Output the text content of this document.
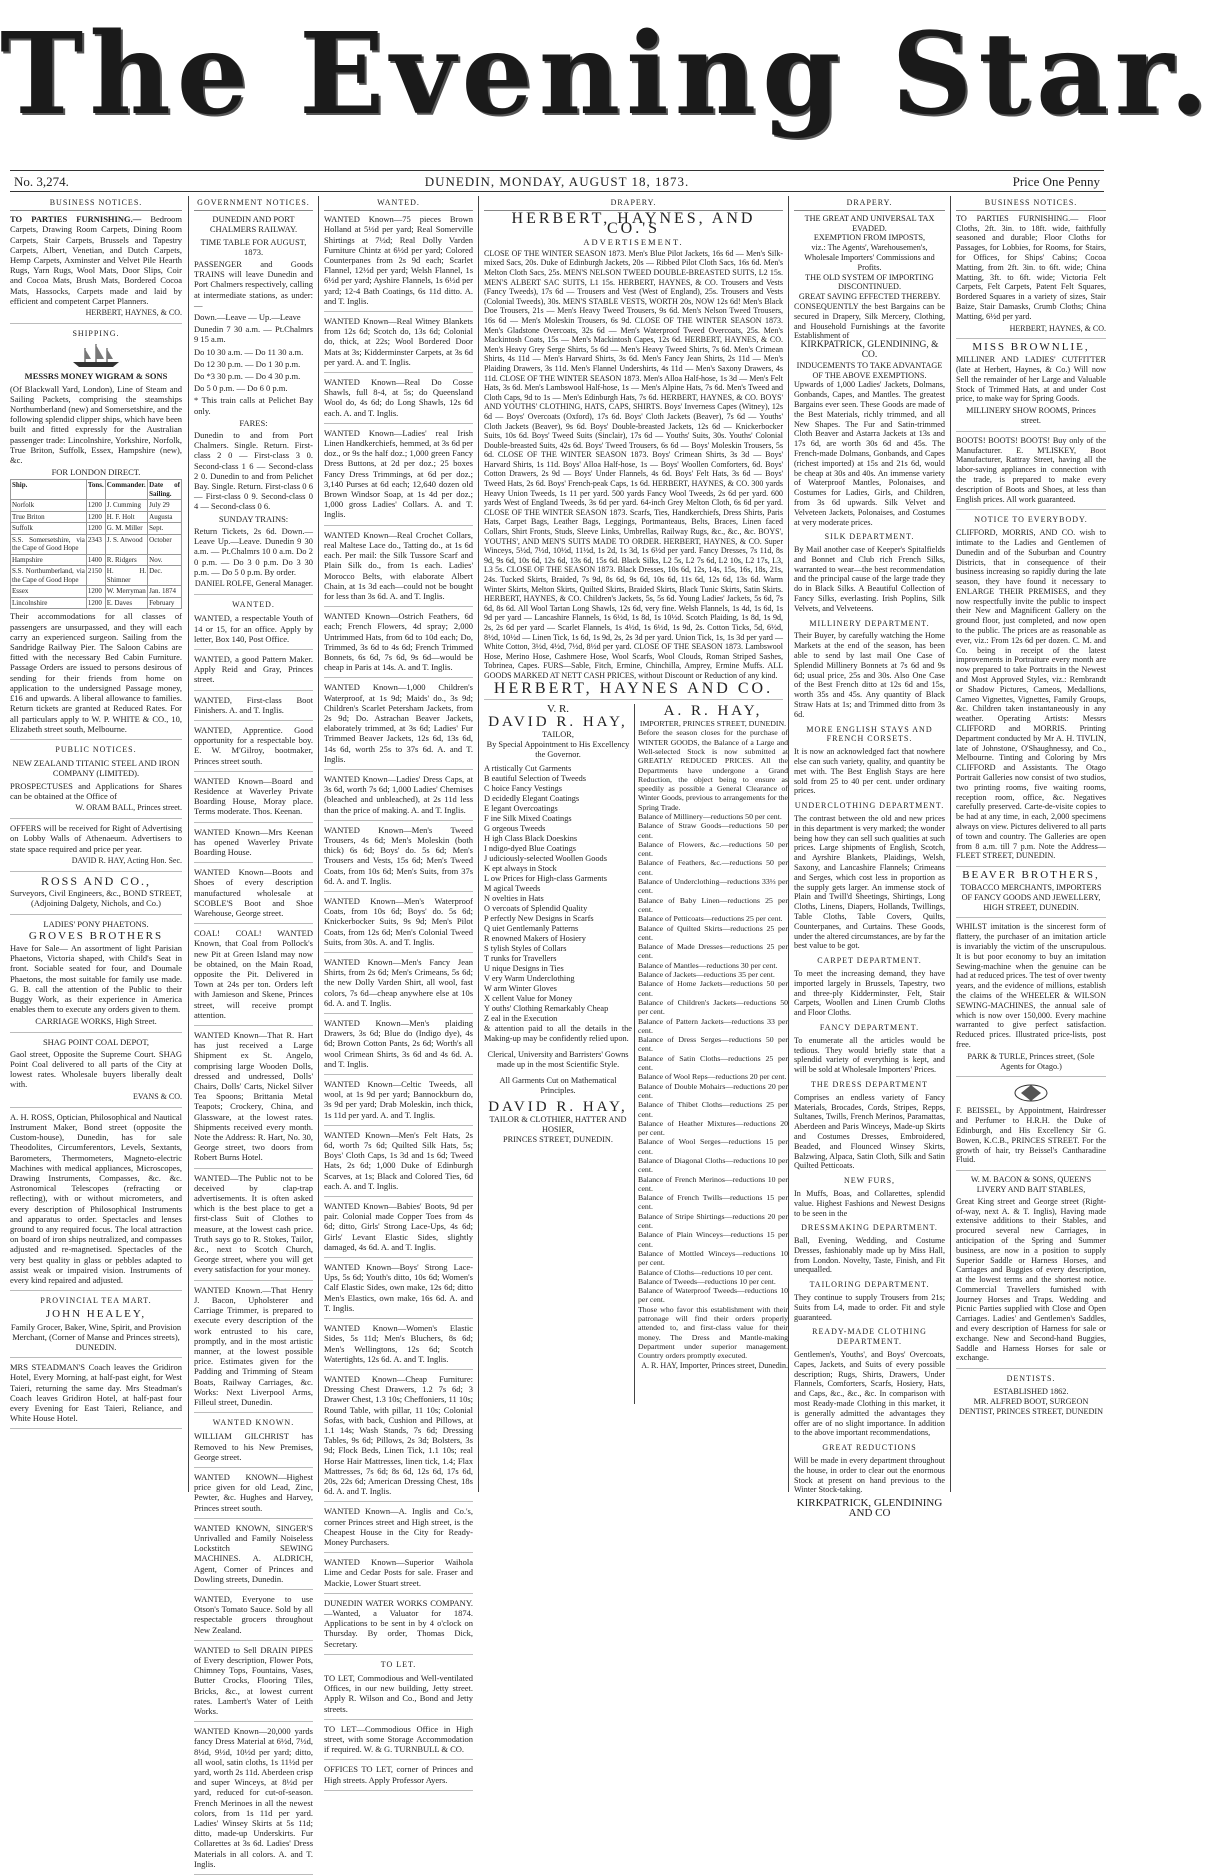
The Evening Star.
No. 3,274.	DUNEDIN, MONDAY, AUGUST 18, 1873.	Price One Penny
BUSINESS NOTICES.

TO PARTIES FURNISHING.— Bedroom Carpets, Drawing Room Carpets, Dining Room Carpets, Stair Carpets, Brussels and Tapestry Carpets, Albert, Venetian, and Dutch Carpets, Hemp Carpets, Axminster and Velvet Pile Hearth Rugs, Yarn Rugs, Wool Mats, Door Slips, Coir and Cocoa Mats, Brush Mats, Bordered Cocoa Mats, Hassocks, Carpets made and laid by efficient and competent Carpet Planners.

HERBERT, HAYNES, & CO.

SHIPPING.

MESSRS MONEY WIGRAM & SONS

(Of Blackwall Yard, London), Line of Steam and Sailing Packets, comprising the steamships Northumberland (new) and Somersetshire, and the following splendid clipper ships, which have been built and fitted expressly for the Australian passenger trade: Lincolnshire, Yorkshire, Norfolk, True Briton, Suffolk, Essex, Hampshire (new), &c.

FOR LONDON DIRECT.

Ship.	Tons.	Commander.	Date of Sailing.
Norfolk	1200	J. Cumming	July 29
True Briton	1200	H. F. Holt	Augusta
Suffolk	1200	G. M. Miller	Sept.
S.S. Somersetshire, via the Cape of Good Hope	2343	J. S. Atwood	October
Hampshire	1400	R. Ridgers	Nov.
S.S. Northumberland, via the Cape of Good Hope	2150	H. H. Shimner	Dec.
Essex	1200	W. Merryman	Jan. 1874
Lincolnshire	1200	E. Daves	February

Their accommodations for all classes of passengers are unsurpassed, and they will each carry an experienced surgeon. Sailing from the Sandridge Railway Pier. The Saloon Cabins are fitted with the necessary Bed Cabin Furniture. Passage Orders are issued to persons desirous of sending for their friends from home on application to the undersigned Passage money, £16 and upwards. A liberal allowance to families. Return tickets are granted at Reduced Rates. For all particulars apply to W. P. WHITE & CO., 10, Elizabeth street south, Melbourne.

PUBLIC NOTICES.

NEW ZEALAND TITANIC STEEL AND IRON COMPANY (LIMITED).

PROSPECTUSES and Applications for Shares can be obtained at the Office of

W. ORAM BALL, Princes street.

OFFERS will be received for Right of Advertising on Lobby Walls of Athenaeum. Advertisers to state space required and price per year.

DAVID R. HAY, Acting Hon. Sec.

ROSS AND CO.,

Surveyors, Civil Engineers, &c., BOND STREET, (Adjoining Dalgety, Nichols, and Co.)

LADIES' PONY PHAETONS.

GROVES BROTHERS

Have for Sale— An assortment of light Parisian Phaetons, Victoria shaped, with Child's Seat in front. Sociable seated for four, and Doumale Phaetons, the most suitable for family use made. G. B. call the attention of the Public to their Buggy Work, as their experience in America enables them to execute any orders given to them.

CARRIAGE WORKS, High Street.

SHAG POINT COAL DEPOT,

Gaol street, Opposite the Supreme Court. SHAG Point Coal delivered to all parts of the City at lowest rates. Wholesale buyers liberally dealt with.

EVANS & CO.

A. H. ROSS, Optician, Philosophical and Nautical Instrument Maker, Bond street (opposite the Custom-house), Dunedin, has for sale Theodolites, Circumferentors, Levels, Sextants, Barometers, Thermometers, Magneto-electric Machines with medical appliances, Microscopes, Drawing Instruments, Compasses, &c. &c. Astronomical Telescopes (refracting or reflecting), with or without micrometers, and every description of Philosophical Instruments and apparatus to order. Spectacles and lenses ground to any required focus. The local attraction on board of iron ships neutralized, and compasses adjusted and re-magnetised. Spectacles of the very best quality in glass or pebbles adapted to assist weak or impaired vision. Instruments of every kind repaired and adjusted.

PROVINCIAL TEA MART.

JOHN HEALEY,

Family Grocer, Baker, Wine, Spirit, and Provision Merchant, (Corner of Manse and Princes streets), DUNEDIN.

MRS STEADMAN'S Coach leaves the Gridiron Hotel, Every Morning, at half-past eight, for West Taieri, returning the same day. Mrs Steadman's Coach leaves Gridiron Hotel, at half-past four every Evening for East Taieri, Reliance, and White House Hotel.

GOVERNMENT NOTICES.

DUNEDIN AND PORT CHALMERS RAILWAY.

TIME TABLE FOR AUGUST, 1873.

PASSENGER and Goods TRAINS will leave Dunedin and Port Chalmers respectively, calling at intermediate stations, as under:—

Down.—Leave — Up.—Leave

Dunedin 7 30 a.m. — Pt.Chalmrs 9 15 a.m.

Do 10 30 a.m. — Do 11 30 a.m.

Do 12 30 p.m. — Do 1 30 p.m.

Do *3 30 p.m. — Do 4 30 p.m.

Do 5 0 p.m. — Do 6 0 p.m.

* This train calls at Pelichet Bay only.

FARES:

Dunedin to and from Port Chalmers. Single. Return. First-class 2 0 — First-class 3 0. Second-class 1 6 — Second-class 2 0. Dunedin to and from Pelichet Bay. Single. Return. First-class 0 6 — First-class 0 9. Second-class 0 4 — Second-class 0 6.

SUNDAY TRAINS:

Return Tickets, 2s 6d. Down.—Leave Up.—Leave. Dunedin 9 30 a.m. — Pt.Chalmrs 10 0 a.m. Do 2 0 p.m. — Do 3 0 p.m. Do 3 30 p.m. — Do 5 0 p.m. By order.

DANIEL ROLFE, General Manager.

WANTED.

WANTED, a respectable Youth of 14 or 15, for an office. Apply by letter, Box 140, Post Office.

WANTED, a good Pattern Maker. Apply Reid and Gray, Princes street.

WANTED, First-class Boot Finishers. A. and T. Inglis.

WANTED, Apprentice. Good opportunity for a respectable boy. E. W. M'Gilroy, bootmaker, Princes street south.

WANTED Known—Board and Residence at Waverley Private Boarding House, Moray place. Terms moderate. Thos. Keenan.

WANTED Known—Mrs Keenan has opened Waverley Private Boarding House.

WANTED Known—Boots and Shoes of every description manufactured wholesale at SCOBLE'S Boot and Shoe Warehouse, George street.

COAL! COAL! WANTED Known, that Coal from Pollock's new Pit at Green Island may now be obtained, on the Main Road, opposite the Pit. Delivered in Town at 24s per ton. Orders left with Jamieson and Skene, Princes street, will receive prompt attention.

WANTED Known—That R. Hart has just received a Large Shipment ex St. Angelo, comprising large Wooden Dolls, dressed and undressed, Dolls' Chairs, Dolls' Carts, Nickel Silver Tea Spoons; Brittania Metal Teapots; Crockery, China, and Glassware, at the lowest rates. Shipments received every month. Note the Address: R. Hart, No. 30, George street, two doors from Robert Burns Hotel.

WANTED—The Public not to be deceived by clap-trap advertisements. It is often asked which is the best place to get a first-class Suit of Clothes to measure, at the lowest cash price. Truth says go to R. Stokes, Tailor, &c., next to Scotch Church, George street, where you will get every satisfaction for your money.

WANTED Known.—That Henry J. Bacon, Upholsterer and Carriage Trimmer, is prepared to execute every description of the work entrusted to his care, promptly, and in the most artistic manner, at the lowest possible price. Estimates given for the Padding and Trimming of Steam Boats, Railway Carriages, &c. Works: Next Liverpool Arms, Filleul street, Dunedin.

WANTED KNOWN.

WILLIAM GILCHRIST has Removed to his New Premises, George street.

WANTED KNOWN—Highest price given for old Lead, Zinc, Pewter, &c. Hughes and Harvey, Princes street south.

WANTED KNOWN, SINGER'S Unrivalled and Family Noiseless Lockstitch SEWING MACHINES. A. ALDRICH, Agent, Corner of Princes and Dowling streets, Dunedin.

WANTED, Everyone to use Otson's Tomato Sauce. Sold by all respectable grocers throughout New Zealand.

WANTED to Sell DRAIN PIPES of Every description, Flower Pots, Chimney Tops, Fountains, Vases, Butter Crocks, Flooring Tiles, Bricks, &c., at lowest current rates. Lambert's Water of Leith Works.

WANTED Known—20,000 yards fancy Dress Material at 6½d, 7½d, 8½d, 9½d, 10½d per yard; ditto, all wool, satin cloths, 1s 11½d per yard, worth 2s 11d. Aberdeen crisp and super Winceys, at 8½d per yard, reduced for cut-of-season. French Merinoes in all the newest colors, from 1s 11d per yard. Ladies' Winsey Skirts at 5s 11d; ditto, made-up Underskirts. Fur Collarettes at 3s 6d. Ladies' Dress Materials in all colors. A. and T. Inglis.

WANTED.

WANTED Known—75 pieces Brown Holland at 5½d per yard; Real Somerville Shirtings at 7½d; Real Dolly Varden Furniture Chintz at 6½d per yard; Colored Counterpanes from 2s 9d each; Scarlet Flannel, 12½d per yard; Welsh Flannel, 1s 6½d per yard; Ayshire Flannels, 1s 6½d per yard; 12-4 Bath Coatings, 6s 11d ditto. A. and T. Inglis.

WANTED Known—Real Witney Blankets from 12s 6d; Scotch do, 13s 6d; Colonial do, thick, at 22s; Wool Bordered Door Mats at 3s; Kidderminster Carpets, at 3s 6d per yard. A. and T. Inglis.

WANTED Known—Real Do Cosse Shawls, full 8-4, at 5s; do Queensland Wool do, 4s 6d; do Long Shawls, 12s 6d each. A. and T. Inglis.

WANTED Known—Ladies' real Irish Linen Handkerchiefs, hemmed, at 3s 6d per doz., or 9s the half doz.; 1,000 green Fancy Dress Buttons, at 2d per doz.; 25 boxes Fancy Dress Trimmings, at 6d per doz.; 3,140 Purses at 6d each; 12,640 dozen old Brown Windsor Soap, at 1s 4d per doz.; 1,000 gross Ladies' Collars. A. and T. Inglis.

WANTED Known—Real Crochet Collars, real Maltese Lace do., Tatting do., at 1s 6d each. Per mail: the Silk Tussore Scarf and Plain Silk do., from 1s each. Ladies' Morocco Belts, with elaborate Albert Chain, at 1s 3d each—could not be bought for less than 3s 6d. A. and T. Inglis.

WANTED Known—Ostrich Feathers, 6d each; French Flowers, 4d spray; 2,000 Untrimmed Hats, from 6d to 10d each; Do, Trimmed, 3s 6d to 4s 6d; French Trimmed Bonnets, 6s 6d, 7s 6d, 9s 6d—would be cheap in Paris at 14s. A. and T. Inglis.

WANTED Known—1,000 Children's Waterproof, at 1s 9d; Maids' do., 3s 9d; Children's Scarlet Petersham Jackets, from 2s 9d; Do. Astrachan Beaver Jackets, elaborately trimmed, at 3s 6d; Ladies' Fur Trimmed Beaver Jackets, 12s 6d, 13s 6d, 14s 6d, worth 25s to 37s 6d. A. and T. Inglis.

WANTED Known—Ladies' Dress Caps, at 3s 6d, worth 7s 6d; 1,000 Ladies' Chemises (bleached and unbleached), at 2s 11d less than the price of making. A. and T. Inglis.

WANTED Known—Men's Tweed Trousers, 4s 6d; Men's Moleskin (both thick) 6s 6d; Boys' do. 5s 6d; Men's Trousers and Vests, 15s 6d; Men's Tweed Coats, from 10s 6d; Men's Suits, from 37s 6d. A. and T. Inglis.

WANTED Known—Men's Waterproof Coats, from 10s 6d; Boys' do. 5s 6d; Knickerbocker Suits, 9s 9d; Men's Pilot Coats, from 12s 6d; Men's Colonial Tweed Suits, from 30s. A. and T. Inglis.

WANTED Known—Men's Fancy Jean Shirts, from 2s 6d; Men's Crimeans, 5s 6d; the new Dolly Varden Shirt, all wool, fast colors, 7s 6d—cheap anywhere else at 10s 6d. A. and T. Inglis.

WANTED Known—Men's plaiding Drawers, 3s 6d; Blue do (Indigo dye), 4s 6d; Brown Cotton Pants, 2s 6d; Worth's all wool Crimean Shirts, 3s 6d and 4s 6d. A. and T. Inglis.

WANTED Known—Celtic Tweeds, all wool, at 1s 9d per yard; Bannockburn do, 3s 9d per yard; Drab Moleskin, inch thick, 1s 11d per yard. A. and T. Inglis.

WANTED Known—Men's Felt Hats, 2s 6d, worth 7s 6d; Quilted Silk Hats, 5s; Boys' Cloth Caps, 1s 3d and 1s 6d; Tweed Hats, 2s 6d; 1,000 Duke of Edinburgh Scarves, at 1s; Black and Colored Ties, 6d each. A. and T. Inglis.

WANTED Known—Babies' Boots, 9d per pair. Colonial made Copper Toes from 4s 6d; ditto, Girls' Strong Lace-Ups, 4s 6d; Girls' Levant Elastic Sides, slightly damaged, 4s 6d. A. and T. Inglis.

WANTED Known—Boys' Strong Lace-Ups, 5s 6d; Youth's ditto, 10s 6d; Women's Calf Elastic Sides, own make, 12s 6d; ditto Men's Elastics, own make, 16s 6d. A. and T. Inglis.

WANTED Known—Women's Elastic Sides, 5s 11d; Men's Bluchers, 8s 6d; Men's Wellingtons, 12s 6d; Scotch Watertights, 12s 6d. A. and T. Inglis.

WANTED Known—Cheap Furniture: Dressing Chest Drawers, 1.2 7s 6d; 3 Drawer Chest, 1.3 10s; Cheffoniers, 11 10s; Round Table, with pillar, 11 10s; Colonial Sofas, with back, Cushion and Pillows, at 1.1 14s; Wash Stands, 7s 6d; Dressing Tables, 9s 6d; Pillows, 2s 3d; Bolsters, 3s 9d; Flock Beds, Linen Tick, 1.1 10s; real Horse Hair Mattresses, linen tick, 1.4; Flax Mattresses, 7s 6d; 8s 6d, 12s 6d, 17s 6d, 20s, 22s 6d; American Dressing Chest, 18s 6d. A. and T. Inglis.

WANTED Known—A. Inglis and Co.'s, corner Princes street and High street, is the Cheapest House in the City for Ready-Money Purchasers.

WANTED Known—Superior Waihola Lime and Cedar Posts for sale. Fraser and Mackie, Lower Stuart street.

DUNEDIN WATER WORKS COMPANY.—Wanted, a Valuator for 1874. Applications to be sent in by 4 o'clock on Thursday. By order, Thomas Dick, Secretary.

TO LET.

TO LET, Commodious and Well-ventilated Offices, in our new building, Jetty street. Apply R. Wilson and Co., Bond and Jetty streets.

TO LET—Commodious Office in High street, with some Storage Accommodation if required. W. & G. TURNBULL & CO.

OFFICES TO LET, corner of Princes and High streets. Apply Professor Ayers.

DRAPERY.

HERBERT, HAYNES, AND CO.'S

ADVERTISEMENT.

CLOSE OF THE WINTER SEASON 1873. Men's Blue Pilot Jackets, 16s 6d — Men's Silk-mixed Sacs, 20s. Duke of Edinburgh Jackets, 20s — Ribbed Pilot Cloth Sacs, 16s 6d. Men's Melton Cloth Sacs, 25s. MEN'S NELSON TWEED DOUBLE-BREASTED SUITS, L2 15s. MEN'S ALBERT SAC SUITS, L1 15s. HERBERT, HAYNES, & CO. Trousers and Vests (Fancy Tweeds), 17s 6d — Trousers and Vest (West of England), 25s. Trousers and Vests (Colonial Tweeds), 30s. MEN'S STABLE VESTS, WORTH 20s, NOW 12s 6d! Men's Black Doe Trousers, 21s — Men's Heavy Tweed Trousers, 9s 6d. Men's Nelson Tweed Trousers, 16s 6d — Men's Moleskin Trousers, 6s 9d. CLOSE OF THE WINTER SEASON 1873. Men's Gladstone Overcoats, 32s 6d — Men's Waterproof Tweed Overcoats, 25s. Men's Mackintosh Coats, 15s — Men's Mackintosh Capes, 12s 6d. HERBERT, HAYNES, & CO. Men's Heavy Grey Serge Shirts, 5s 6d — Men's Heavy Tweed Shirts, 7s 6d. Men's Crimean Shirts, 4s 11d — Men's Harvard Shirts, 3s 6d. Men's Fancy Jean Shirts, 2s 11d — Men's Plaiding Drawers, 3s 11d. Men's Flannel Undershirts, 4s 11d — Men's Saxony Drawers, 4s 11d. CLOSE OF THE WINTER SEASON 1873. Men's Alloa Half-hose, 1s 3d — Men's Felt Hats, 3s 6d. Men's Lambswool Half-hose, 1s — Men's Alpine Hats, 7s 6d. Men's Tweed and Cloth Caps, 9d to 1s — Men's Edinburgh Hats, 7s 6d. HERBERT, HAYNES, & CO. BOYS' AND YOUTHS' CLOTHING, HATS, CAPS, SHIRTS. Boys' Inverness Capes (Witney), 12s 6d — Boys' Overcoats (Oxford), 17s 6d. Boys' Cloth Jackets (Beaver), 7s 6d — Youths' Cloth Jackets (Beaver), 9s 6d. Boys' Double-breasted Jackets, 12s 6d — Knickerbocker Suits, 10s 6d. Boys' Tweed Suits (Sinclair), 17s 6d — Youths' Suits, 30s. Youths' Colonial Double-breasted Suits, 42s 6d. Boys' Tweed Trousers, 6s 6d — Boys' Moleskin Trousers, 5s 6d. CLOSE OF THE WINTER SEASON 1873. Boys' Crimean Shirts, 3s 3d — Boys' Harvard Shirts, 1s 11d. Boys' Alloa Half-hose, 1s — Boys' Woollen Comforters, 6d. Boys' Cotton Drawers, 2s 9d — Boys' Under Flannels, 4s 6d. Boys' Felt Hats, 3s 6d — Boys' Tweed Hats, 2s 6d. Boys' French-peak Caps, 1s 6d. HERBERT, HAYNES, & CO. 300 yards Heavy Union Tweeds, 1s 11 per yard. 500 yards Fancy Wool Tweeds, 2s 6d per yard. 600 yards West of England Tweeds, 3s 6d per yard. 64-inch Grey Melton Cloth, 6s 6d per yard. CLOSE OF THE WINTER SEASON 1873. Scarfs, Ties, Handkerchiefs, Dress Shirts, Paris Hats, Carpet Bags, Leather Bags, Leggings, Portmanteaus, Belts, Braces, Linen faced Collars, Shirt Fronts, Studs, Sleeve Links, Umbrellas, Railway Rugs, &c., &c., &c. BOYS', YOUTHS', AND MEN'S SUITS MADE TO ORDER. HERBERT, HAYNES, & CO. Super Winceys, 5½d, 7½d, 10½d, 11½d, 1s 2d, 1s 3d, 1s 6½d per yard. Fancy Dresses, 7s 11d, 8s 9d, 9s 6d, 10s 6d, 12s 6d, 13s 6d, 15s 6d. Black Silks, L2 5s, L2 7s 6d, L2 10s, L2 17s, L3, L3 5s. CLOSE OF THE SEASON 1873. Black Dresses, 10s 6d, 12s, 14s, 15s, 16s, 18s, 21s, 24s. Tucked Skirts, Braided, 7s 9d, 8s 6d, 9s 6d, 10s 6d, 11s 6d, 12s 6d, 13s 6d. Warm Winter Skirts, Melton Skirts, Quilted Skirts, Braided Skirts, Black Tunic Skirts, Satin Skirts. HERBERT, HAYNES, & CO. Children's Jackets, 5s, 5s 6d. Young Ladies' Jackets, 5s 6d, 7s 6d, 8s 6d. All Wool Tartan Long Shawls, 12s 6d, very fine. Welsh Flannels, 1s 4d, 1s 6d, 1s 9d per yard — Lancashire Flannels, 1s 6½d, 1s 8d, 1s 10½d. Scotch Plaiding, 1s 8d, 1s 9d, 2s, 2s 6d per yard — Scarlet Flannels, 1s 4½d, 1s 6½d, 1s 9d, 2s. Cotton Ticks, 5d, 6½d, 8½d, 10½d — Linen Tick, 1s 6d, 1s 9d, 2s, 2s 3d per yard. Union Tick, 1s, 1s 3d per yard — White Cotton, 3½d, 4½d, 7½d, 8½d per yard. CLOSE OF THE SEASON 1873. Lambswool Hose, Merino Hose, Cashmere Hose, Wool Scarfs, Wool Clouds, Roman Striped Sashes, Tobrinea, Capes. FURS—Sable, Fitch, Ermine, Chinchilla, Amprey, Ermine Muffs. ALL GOODS MARKED AT NETT CASH PRICES, without Discount or Reduction of any kind.

HERBERT, HAYNES AND CO.

V. R.

DAVID R. HAY,

TAILOR,

By Special Appointment to His Excellency the Governor.

A rtistically Cut Garments

B eautiful Selection of Tweeds

C hoice Fancy Vestings

D ecidedly Elegant Coatings

E legant Overcoatings

F ine Silk Mixed Coatings

G orgeous Tweeds

H igh Class Black Doeskins

I ndigo-dyed Blue Coatings

J udiciously-selected Woollen Goods

K ept always in Stock

L ow Prices for High-class Garments

M agical Tweeds

N ovelties in Hats

O vercoats of Splendid Quality

P erfectly New Designs in Scarfs

Q uiet Gentlemanly Patterns

R enowned Makers of Hosiery

S tylish Styles of Collars

T runks for Travellers

U nique Designs in Ties

V ery Warm Underclothing

W arm Winter Gloves

X cellent Value for Money

Y ouths' Clothing Remarkably Cheap

Z eal in the Execution

& attention paid to all the details in the Making-up may be confidently relied upon.

Clerical, University and Barristers' Gowns made up in the most Scientific Style.

All Garments Cut on Mathematical Principles.

DAVID R. HAY,

TAILOR & CLOTHIER, HATTER AND HOSIER,

PRINCES STREET, DUNEDIN.

A. R. HAY,

IMPORTER, PRINCES STREET, DUNEDIN.

Before the season closes for the purchase of WINTER GOODS, the Balance of a Large and Well-selected Stock is now submitted at GREATLY REDUCED PRICES. All the Departments have undergone a Grand Reduction, the object being to ensure as speedily as possible a General Clearance of Winter Goods, previous to arrangements for the Spring Trade.

Balance of Millinery—reductions 50 per cent.

Balance of Straw Goods—reductions 50 per cent.

Balance of Flowers, &c.—reductions 50 per cent.

Balance of Feathers, &c.—reductions 50 per cent.

Balance of Underclothing—reductions 33⅓ per cent.

Balance of Baby Linen—reductions 25 per cent.

Balance of Petticoats—reductions 25 per cent.

Balance of Quilted Skirts—reductions 25 per cent.

Balance of Made Dresses—reductions 25 per cent.

Balance of Mantles—reductions 30 per cent.

Balance of Jackets—reductions 35 per cent.

Balance of Home Jackets—reductions 50 per cent.

Balance of Children's Jackets—reductions 50 per cent.

Balance of Pattern Jackets—reductions 33 per cent.

Balance of Dress Serges—reductions 50 per cent.

Balance of Satin Cloths—reductions 25 per cent.

Balance of Wool Reps—reductions 20 per cent.

Balance of Double Mohairs—reductions 20 per cent.

Balance of Thibet Cloths—reductions 25 per cent.

Balance of Heather Mixtures—reductions 20 per cent.

Balance of Wool Serges—reductions 15 per cent.

Balance of Diagonal Cloths—reductions 10 per cent.

Balance of French Merinos—reductions 10 per cent.

Balance of French Twills—reductions 15 per cent.

Balance of Stripe Shirtings—reductions 20 per cent.

Balance of Plain Winceys—reductions 15 per cent.

Balance of Mottled Winceys—reductions 10 per cent.

Balance of Cloths—reductions 10 per cent.

Balance of Tweeds—reductions 10 per cent.

Balance of Waterproof Tweeds—reductions 10 per cent.

Those who favor this establishment with their patronage will find their orders properly attended to, and first-class value for their money. The Dress and Mantle-making Department under superior management. Country orders promptly executed.

A. R. HAY, Importer, Princes street, Dunedin.

DRAPERY.

THE GREAT AND UNIVERSAL TAX EVADED.

EXEMPTION FROM IMPOSTS,

viz.: The Agents', Warehousemen's, Wholesale Importers' Commissions and Profits.

THE OLD SYSTEM OF IMPORTING DISCONTINUED.

GREAT SAVING EFFECTED THEREBY.

CONSEQUENTLY the best Bargains can be secured in Drapery, Silk Mercery, Clothing, and Household Furnishings at the favorite Establishment of

KIRKPATRICK, GLENDINING, & CO.

INDUCEMENTS TO TAKE ADVANTAGE OF THE ABOVE EXEMPTIONS.

Upwards of 1,000 Ladies' Jackets, Dolmans, Gonbands, Capes, and Mantles. The greatest Bargains ever seen. These Goods are made of the Best Materials, richly trimmed, and all New Shapes. The Fur and Satin-trimmed Cloth Beaver and Astarra Jackets at 13s and 17s 6d, are worth 30s 6d and 45s. The French-made Dolmans, Gonbands, and Capes (richest imported) at 15s and 21s 6d, would be cheap at 30s and 40s. An immense variety of Waterproof Mantles, Polonaises, and Costumes for Ladies, Girls, and Children, from 3s 6d upwards. Silk Velvet and Velveteen Jackets, Polonaises, and Costumes at very moderate prices.

SILK DEPARTMENT.

By Mail another case of Keeper's Spitalfields and Bonnet and Club rich French Silks, warranted to wear—the best recommendation and the principal cause of the large trade they do in Black Silks. A Beautiful Collection of Fancy Silks, everlasting. Irish Poplins, Silk Velvets, and Velveteens.

MILLINERY DEPARTMENT.

Their Buyer, by carefully watching the Home Markets at the end of the season, has been able to send by last mail One Case of Splendid Millinery Bonnets at 7s 6d and 9s 6d; usual price, 25s and 30s. Also One Case of the Best French ditto at 12s 6d and 15s, worth 35s and 45s. Any quantity of Black Straw Hats at 1s; and Trimmed ditto from 3s 6d.

MORE ENGLISH STAYS AND FRENCH CORSETS.

It is now an acknowledged fact that nowhere else can such variety, quality, and quantity be met with. The Best English Stays are here sold from 25 to 40 per cent. under ordinary prices.

UNDERCLOTHING DEPARTMENT.

The contrast between the old and new prices in this department is very marked; the wonder being how they can sell such qualities at such prices. Large shipments of English, Scotch, and Ayrshire Blankets, Plaidings, Welsh, Saxony, and Lancashire Flannels; Crimeans and Serges, which cost less in proportion as the supply gets larger. An immense stock of Plain and Twill'd Sheetings, Shirtings, Long Cloths, Linens, Diapers, Hollands, Twillings, Table Cloths, Table Covers, Quilts, Counterpanes, and Curtains. These Goods, under the altered circumstances, are by far the best value to be got.

CARPET DEPARTMENT.

To meet the increasing demand, they have imported largely in Brussels, Tapestry, two and three-ply Kidderminster, Felt, Stair Carpets, Woollen and Linen Crumb Cloths and Floor Cloths.

FANCY DEPARTMENT.

To enumerate all the articles would be tedious. They would briefly state that a splendid variety of everything is kept, and will be sold at Wholesale Importers' Prices.

THE DRESS DEPARTMENT

Comprises an endless variety of Fancy Materials, Brocades, Cords, Stripes, Repps, Sultanes, Twills, French Merinos, Paramattas, Aberdeen and Paris Winceys, Made-up Skirts and Costumes Dresses, Embroidered, Beaded, and Flounced Winsey Skirts, Balzwing, Alpaca, Satin Cloth, Silk and Satin Quilted Petticoats.

NEW FURS,

In Muffs, Boas, and Collarettes, splendid value. Highest Fashions and Newest Designs to be seen in the

DRESSMAKING DEPARTMENT.

Ball, Evening, Wedding, and Costume Dresses, fashionably made up by Miss Hall, from London. Novelty, Taste, Finish, and Fit unequalled.

TAILORING DEPARTMENT.

They continue to supply Trousers from 21s; Suits from L4, made to order. Fit and style guaranteed.

READY-MADE CLOTHING DEPARTMENT.

Gentlemen's, Youths', and Boys' Overcoats, Capes, Jackets, and Suits of every possible description; Rugs, Shirts, Drawers, Under Flannels, Comforters, Scarfs, Hosiery, Hats, and Caps, &c., &c., &c. In comparison with most Ready-made Clothing in this market, it is generally admitted the advantages they offer are of no slight importance. In addition to the above important recommendations,

GREAT REDUCTIONS

Will be made in every department throughout the house, in order to clear out the enormous Stock at present on hand previous to the Winter Stock-taking.

KIRKPATRICK, GLENDINING AND CO

BUSINESS NOTICES.

TO PARTIES FURNISHING.— Floor Cloths, 2ft. 3in. to 18ft. wide, faithfully seasoned and durable; Floor Cloths for Passages, for Lobbies, for Rooms, for Stairs, for Offices, for Ships' Cabins; Cocoa Matting, from 2ft. 3in. to 6ft. wide; China Matting, 3ft. to 6ft. wide; Victoria Felt Carpets, Felt Carpets, Patent Felt Squares, Bordered Squares in a variety of sizes, Stair Baize, Stair Damasks, Crumb Cloths; China Matting, 6½d per yard.

HERBERT, HAYNES, & CO.

MISS BROWNLIE,

MILLINER AND LADIES' CUTFITTER (late at Herbert, Haynes, & Co.) Will now Sell the remainder of her Large and Valuable Stock of Trimmed Hats, at and under Cost price, to make way for Spring Goods.

MILLINERY SHOW ROOMS, Princes street.

BOOTS! BOOTS! BOOTS! Buy only of the Manufacturer. E. M'LISKEY, Boot Manufacturer, Rattray Street, having all the labor-saving appliances in connection with the trade, is prepared to make every description of Boots and Shoes, at less than English prices. All work guaranteed.

NOTICE TO EVERYBODY.

CLIFFORD, MORRIS, AND CO. wish to intimate to the Ladies and Gentlemen of Dunedin and of the Suburban and Country Districts, that in consequence of their business increasing so rapidly during the late season, they have found it necessary to ENLARGE THEIR PREMISES, and they now respectfully invite the public to inspect their New and Magnificent Gallery on the ground floor, just completed, and now open to the public. The prices are as reasonable as ever, viz.: From 12s 6d per dozen. C. M. and Co. being in receipt of the latest improvements in Portraiture every month are now prepared to take Portraits in the Newest and Most Approved Styles, viz.: Rembrandt or Shadow Pictures, Cameos, Medallions, Cameo Vignettes, Vignettes, Family Groups, &c. Children taken instantaneously in any weather. Operating Artists: Messrs CLIFFORD and MORRIS. Printing Department conducted by Mr A. H. TIVLIN, late of Johnstone, O'Shaughnessy, and Co., Melbourne. Tinting and Coloring by Mrs CLIFFORD and Assistants. The Otago Portrait Galleries now consist of two studios, two printing rooms, five waiting rooms, reception room, office, &c. Negatives carefully preserved. Carte-de-visite copies to be had at any time, in each, 2,000 specimens always on view. Pictures delivered to all parts of town and country. The Galleries are open from 8 a.m. till 7 p.m. Note the Address— FLEET STREET, DUNEDIN.

BEAVER BROTHERS,

TOBACCO MERCHANTS, IMPORTERS OF FANCY GOODS AND JEWELLERY, HIGH STREET, DUNEDIN.

WHILST imitation is the sincerest form of flattery, the purchaser of an imitation article is invariably the victim of the unscrupulous. It is but poor economy to buy an imitation Sewing-machine when the genuine can be had at reduced prices. The test of over twenty years, and the evidence of millions, establish the claims of the WHEELER & WILSON SEWING-MACHINES, the annual sale of which is now over 150,000. Every machine warranted to give perfect satisfaction. Reduced prices. Illustrated price-lists, post free.

PARK & TURLE, Princes street, (Sole Agents for Otago.)

F. BEISSEL, by Appointment, Hairdresser and Perfumer to H.R.H. the Duke of Edinburgh, and His Excellency Sir G. Bowen, K.C.B., PRINCES STREET. For the growth of hair, try Beissel's Cantharadine Fluid.

W. M. BACON & SONS, QUEEN'S LIVERY AND BAIT STABLES,

Great King street and George street (Right-of-way, next A. & T. Inglis), Having made extensive additions to their Stables, and procured several new Carriages, in anticipation of the Spring and Summer business, are now in a position to supply Superior Saddle or Harness Horses, and Carriages and Buggies of every description, at the lowest terms and the shortest notice. Commercial Travellers furnished with Journey Horses and Traps. Wedding and Picnic Parties supplied with Close and Open Carriages. Ladies' and Gentlemen's Saddles, and every description of Harness for sale or exchange. New and Second-hand Buggies, Saddle and Harness Horses for sale or exchange.

DENTISTS.

ESTABLISHED 1862.

MR. ALFRED BOOT, SURGEON DENTIST, PRINCES STREET, DUNEDIN
